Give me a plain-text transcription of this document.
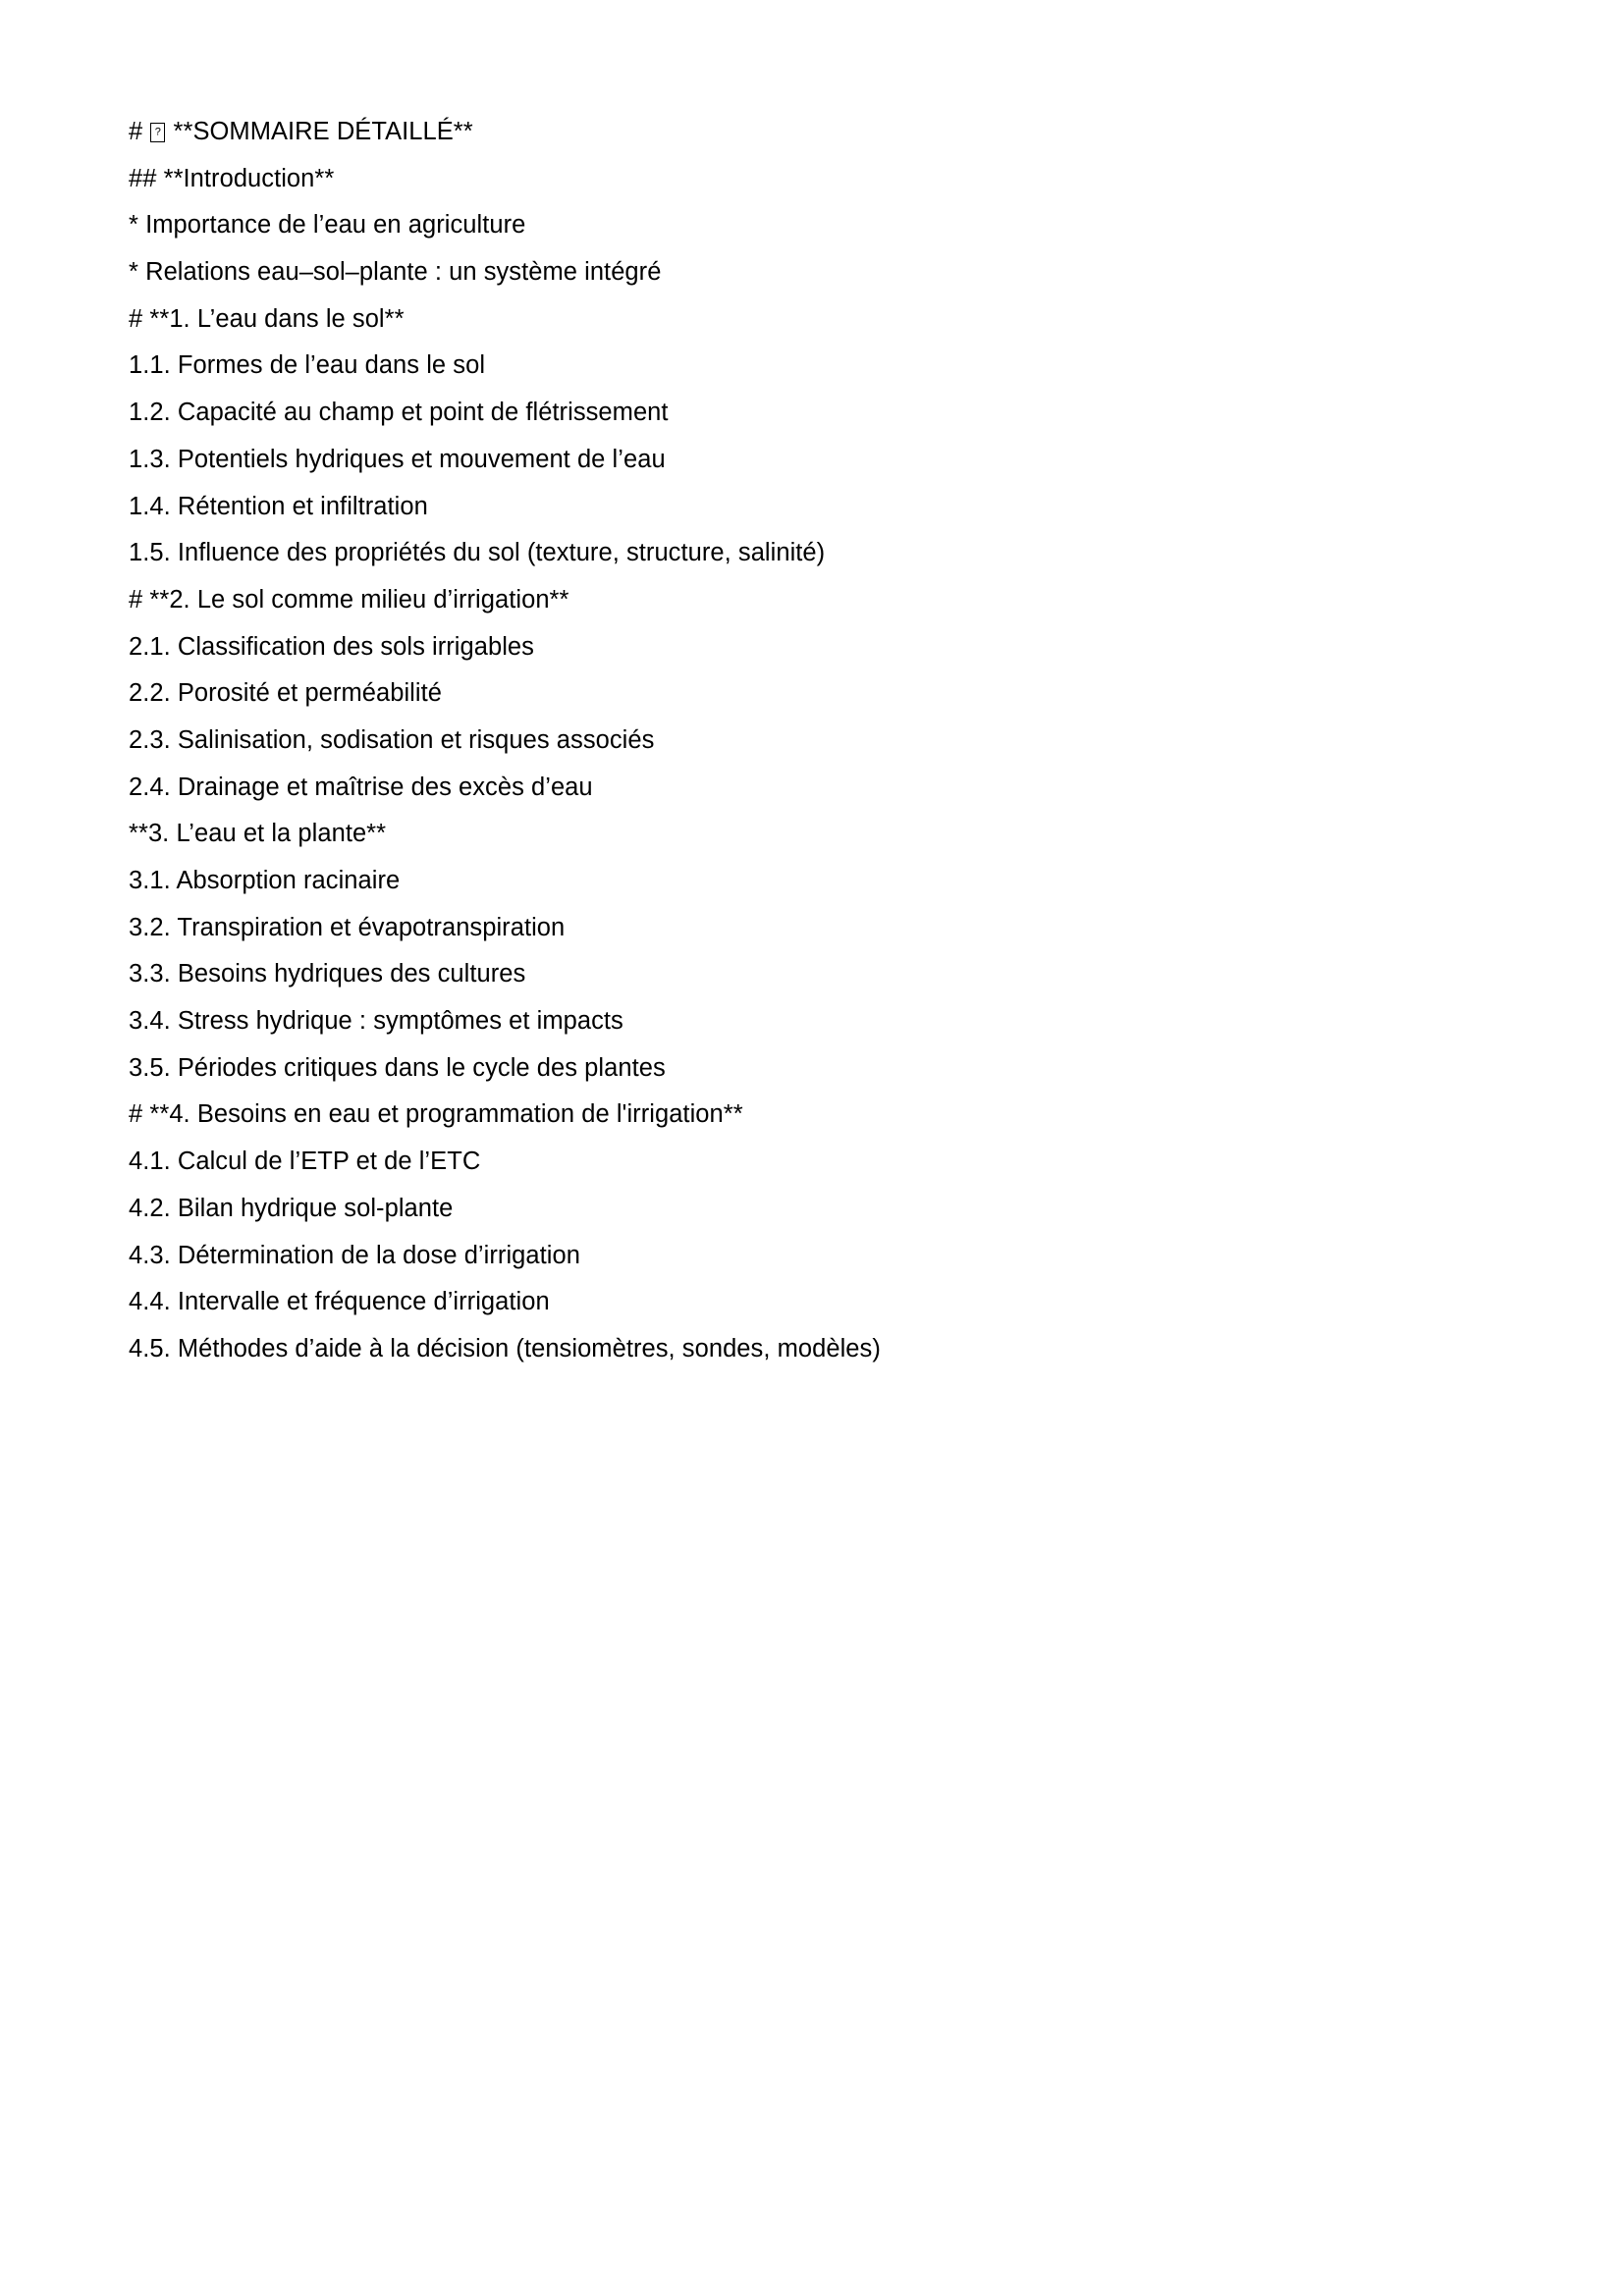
#  ? **SOMMAIRE DÉTAILLÉ**

## **Introduction**

* Importance de l’eau en agriculture

* Relations eau–sol–plante : un système intégré

# **1. L’eau dans le sol**

1.1. Formes de l’eau dans le sol

1.2. Capacité au champ et point de flétrissement

1.3. Potentiels hydriques et mouvement de l’eau

1.4. Rétention et infiltration

1.5. Influence des propriétés du sol (texture, structure, salinité)

# **2. Le sol comme milieu d’irrigation**

2.1. Classification des sols irrigables

2.2. Porosité et perméabilité

2.3. Salinisation, sodisation et risques associés

2.4. Drainage et maîtrise des excès d’eau

**3. L’eau et la plante**

3.1. Absorption racinaire

3.2. Transpiration et évapotranspiration

3.3. Besoins hydriques des cultures

3.4. Stress hydrique : symptômes et impacts

3.5. Périodes critiques dans le cycle des plantes

# **4. Besoins en eau et programmation de l'irrigation**

4.1. Calcul de l’ETP et de l’ETC

4.2. Bilan hydrique sol-plante

4.3. Détermination de la dose d’irrigation

4.4. Intervalle et fréquence d’irrigation

4.5. Méthodes d’aide à la décision (tensiomètres, sondes, modèles)
